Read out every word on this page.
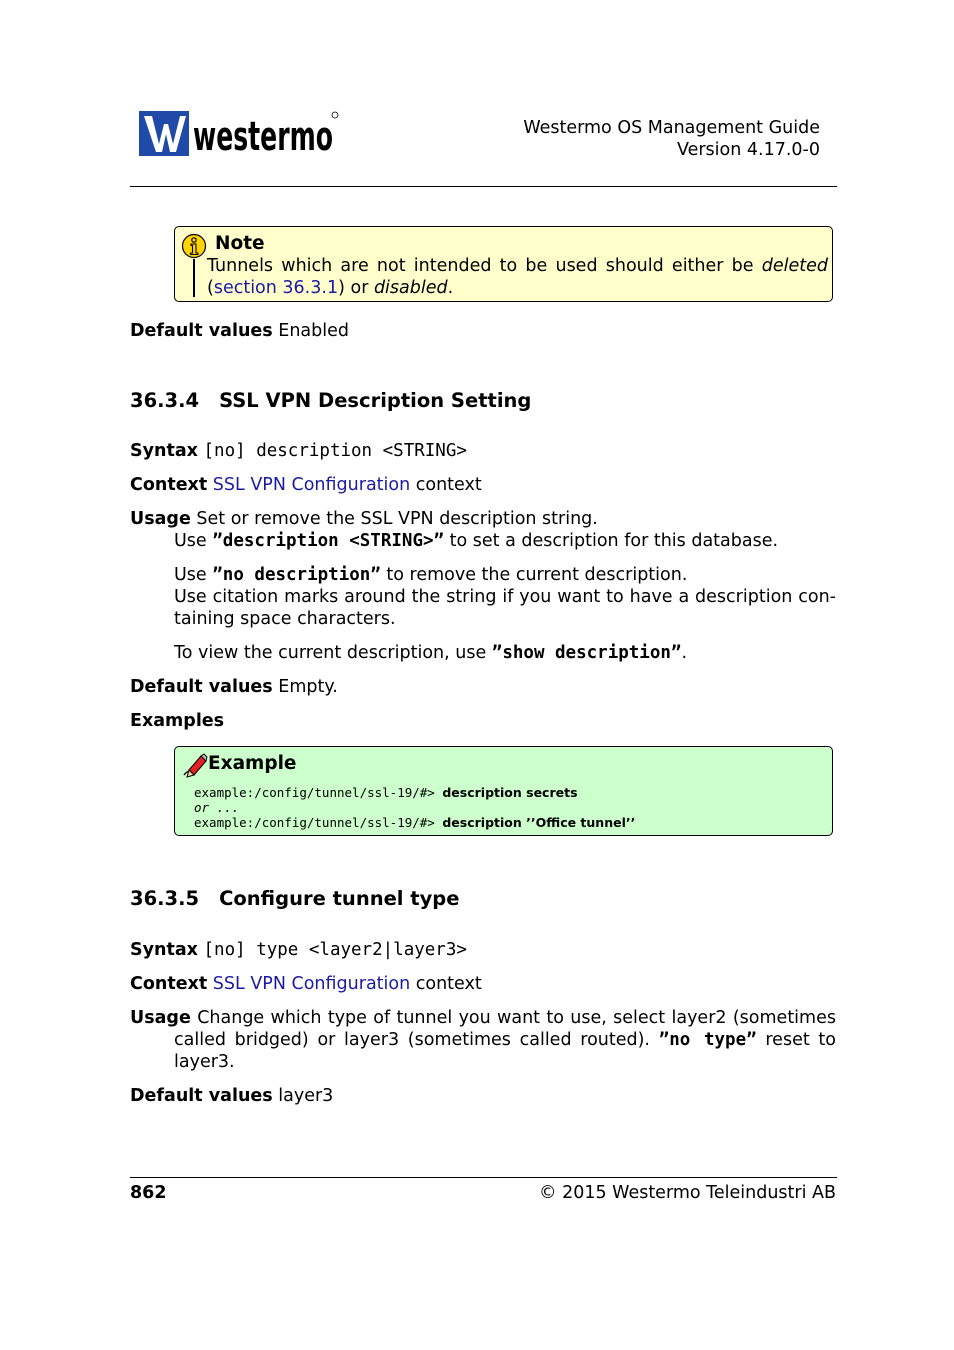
westermo	Westermo OS Management Guide
Version 4.17.0-0
Note
Tunnels which are not intended to be used should either be deleted
(section 36.3.1) or disabled.
Default values Enabled
36.3.4 SSL VPN Description Setting
Syntax [no] description <STRING>
Context SSL VPN Configuration context
Usage Set or remove the SSL VPN description string.
Use ”description <STRING>” to set a description for this database.
Use ”no description” to remove the current description.
Use citation marks around the string if you want to have a description con-
taining space characters.
To view the current description, use ”show description”.
Default values Empty.
Examples
Example
example:/config/tunnel/ssl-19/#> description secrets
or ...
example:/config/tunnel/ssl-19/#> description ’’Office tunnel’’
36.3.5 Configure tunnel type
Syntax [no] type <layer2|layer3>
Context SSL VPN Configuration context
Usage Change which type of tunnel you want to use, select layer2 (sometimes
called bridged) or layer3 (sometimes called routed). ”no type” reset to
layer3.
Default values layer3
862	© 2015 Westermo Teleindustri AB
